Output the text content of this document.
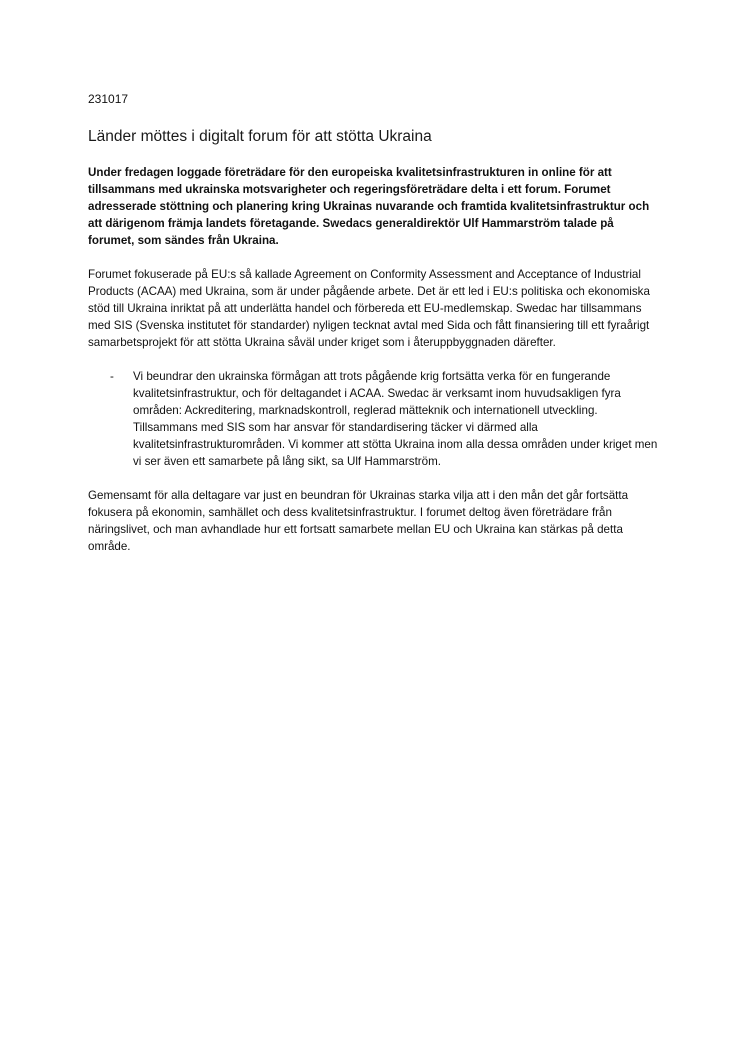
231017

Länder möttes i digitalt forum för att stötta Ukraina

Under fredagen loggade företrädare för den europeiska kvalitetsinfrastrukturen in online för att tillsammans med ukrainska motsvarigheter och regeringsföreträdare delta i ett forum. Forumet adresserade stöttning och planering kring Ukrainas nuvarande och framtida kvalitetsinfrastruktur och att därigenom främja landets företagande. Swedacs generaldirektör Ulf Hammarström talade på forumet, som sändes från Ukraina.

Forumet fokuserade på EU:s så kallade Agreement on Conformity Assessment and Acceptance of Industrial Products (ACAA) med Ukraina, som är under pågående arbete. Det är ett led i EU:s politiska och ekonomiska stöd till Ukraina inriktat på att underlätta handel och förbereda ett EU-medlemskap. Swedac har tillsammans med SIS (Svenska institutet för standarder) nyligen tecknat avtal med Sida och fått finansiering till ett fyraårigt samarbetsprojekt för att stötta Ukraina såväl under kriget som i återuppbyggnaden därefter.

- Vi beundrar den ukrainska förmågan att trots pågående krig fortsätta verka för en fungerande kvalitetsinfrastruktur, och för deltagandet i ACAA. Swedac är verksamt inom huvudsakligen fyra områden: Ackreditering, marknadskontroll, reglerad mätteknik och internationell utveckling. Tillsammans med SIS som har ansvar för standardisering täcker vi därmed alla kvalitetsinfrastrukturområden. Vi kommer att stötta Ukraina inom alla dessa områden under kriget men vi ser även ett samarbete på lång sikt, sa Ulf Hammarström.

Gemensamt för alla deltagare var just en beundran för Ukrainas starka vilja att i den mån det går fortsätta fokusera på ekonomin, samhället och dess kvalitetsinfrastruktur. I forumet deltog även företrädare från näringslivet, och man avhandlade hur ett fortsatt samarbete mellan EU och Ukraina kan stärkas på detta område.
